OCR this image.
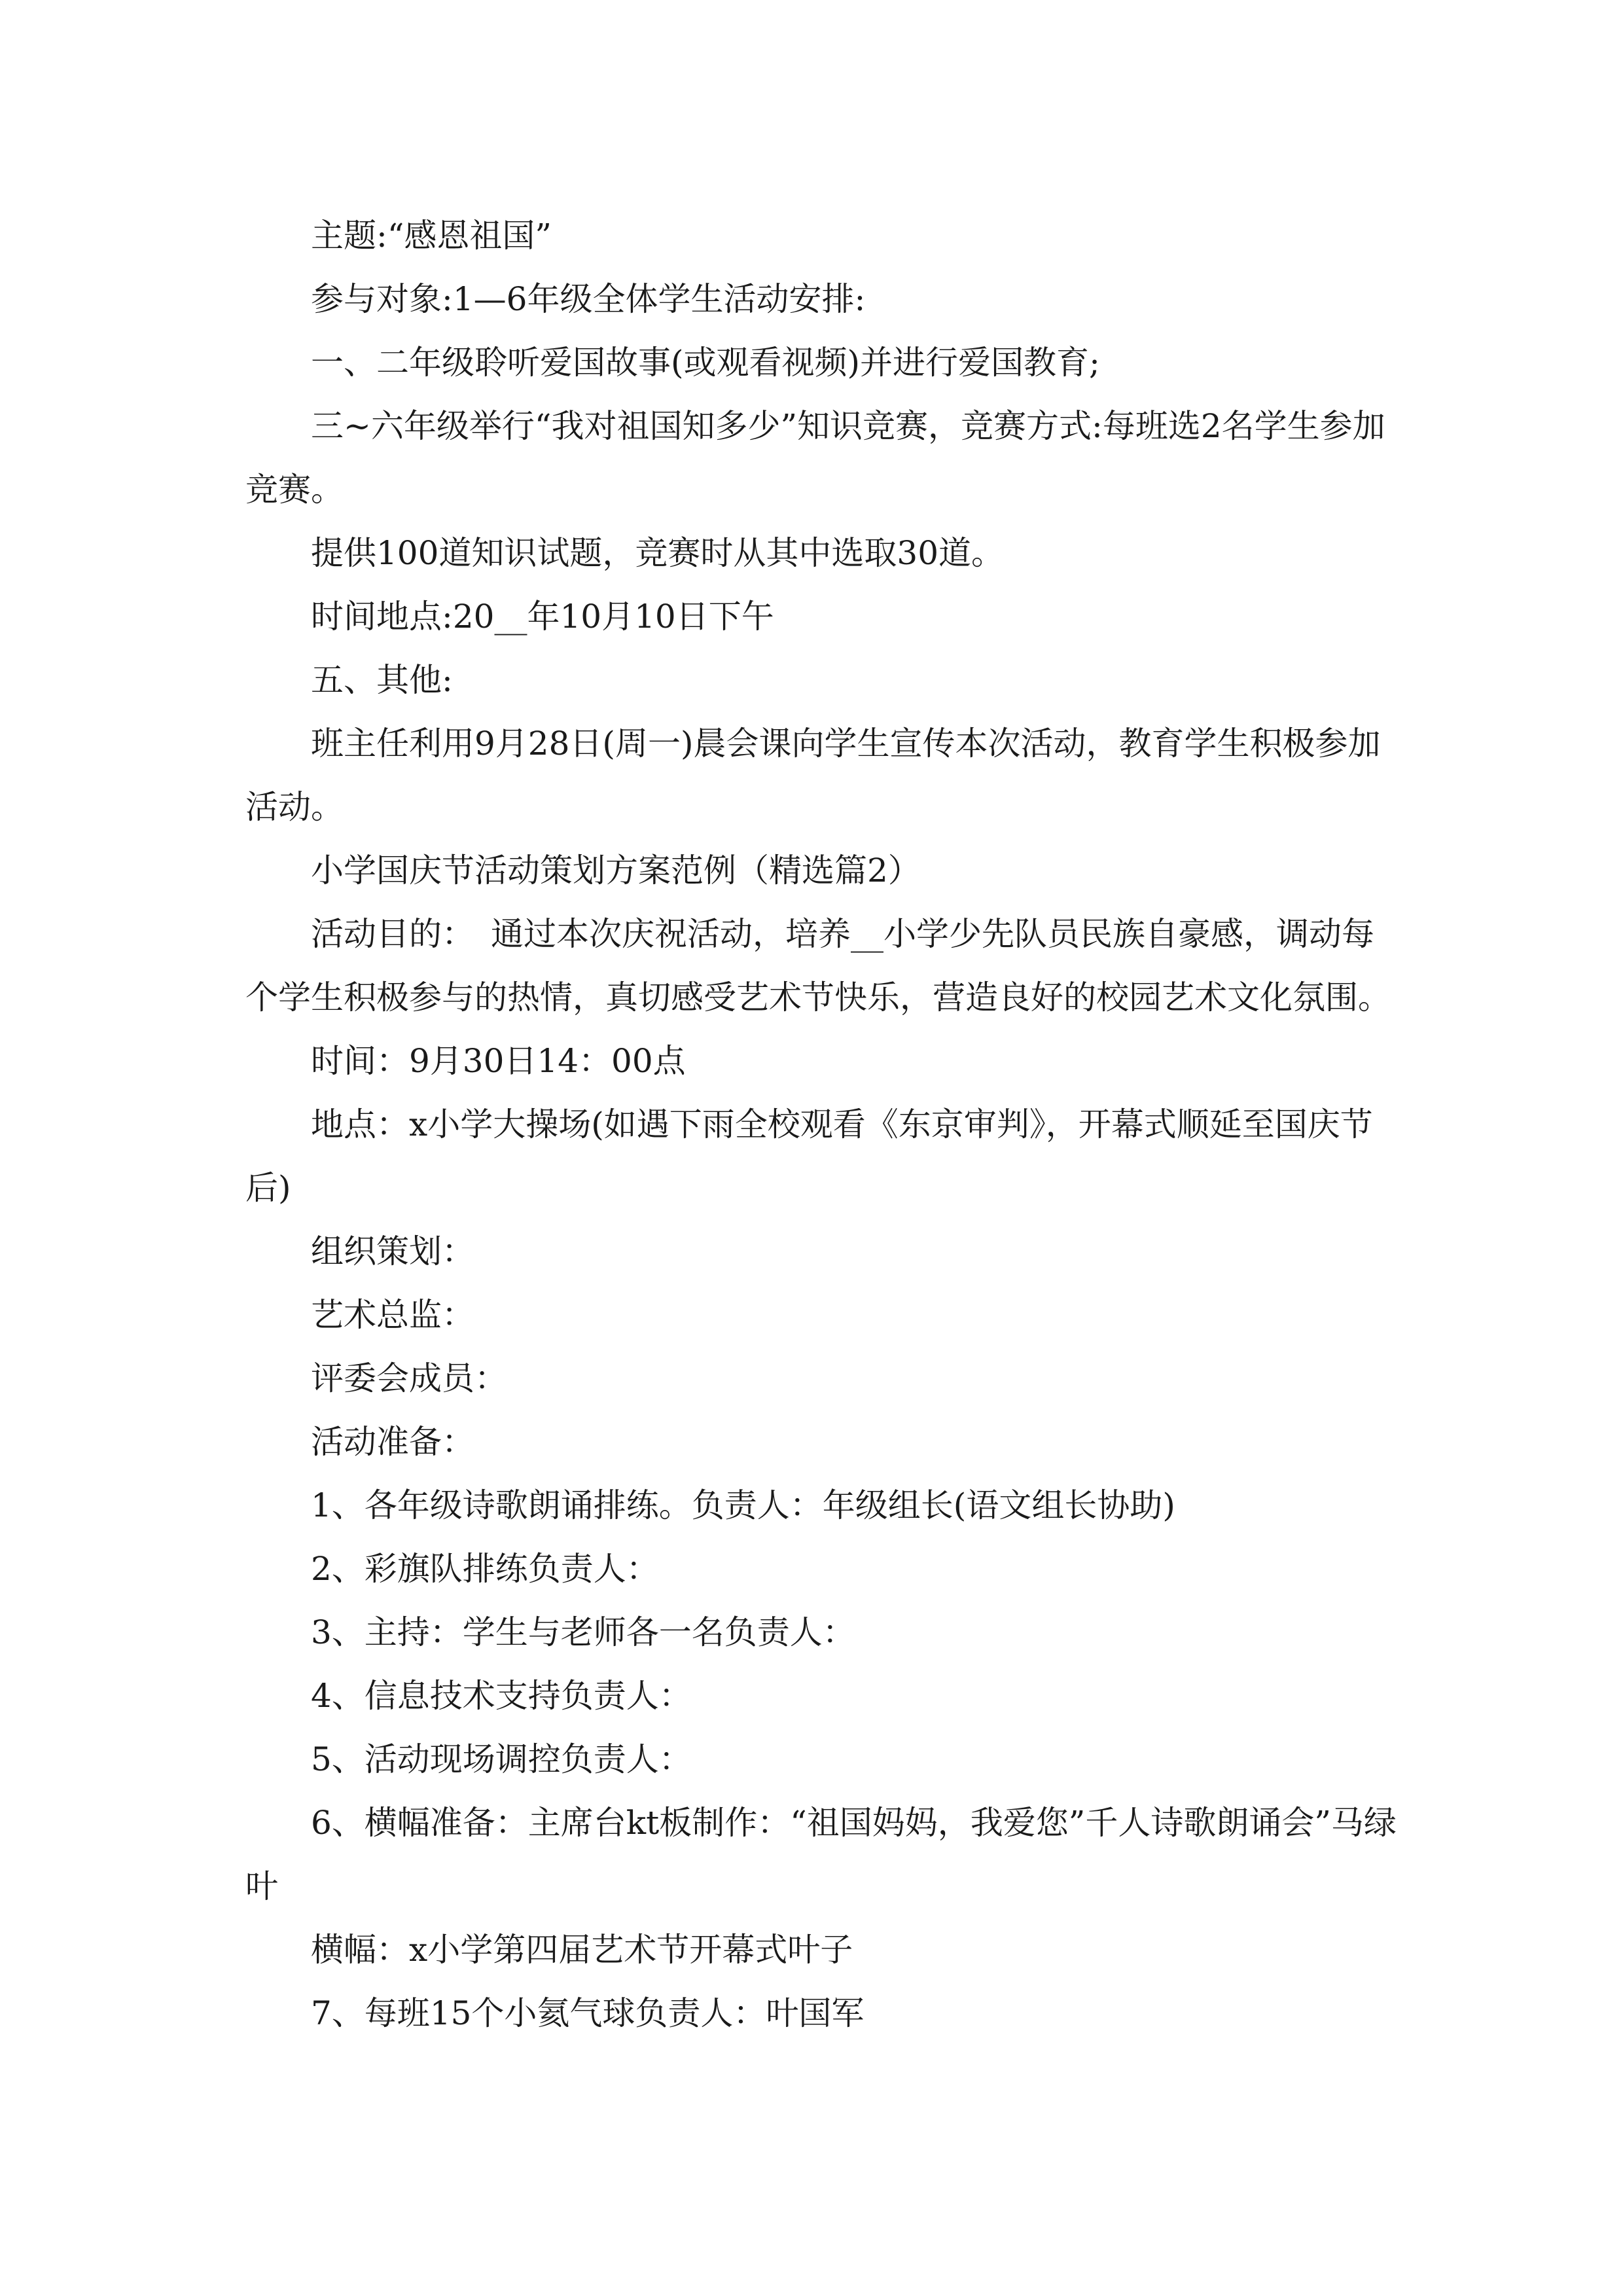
主题:“感恩祖国”

参与对象:1—6年级全体学生活动安排:

一、二年级聆听爱国故事(或观看视频)并进行爱国教育;

三~六年级举行“我对祖国知多少”知识竞赛，竞赛方式:每班选2名学生参加竞赛。

提供100道知识试题，竞赛时从其中选取30道。

时间地点:20__年10月10日下午

五、其他:

班主任利用9月28日(周一)晨会课向学生宣传本次活动，教育学生积极参加活动。

小学国庆节活动策划方案范例（精选篇2）

活动目的：　通过本次庆祝活动，培养__小学少先队员民族自豪感，调动每个学生积极参与的热情，真切感受艺术节快乐，营造良好的校园艺术文化氛围。

时间：9月30日14：00点

地点：x小学大操场(如遇下雨全校观看《东京审判》，开幕式顺延至国庆节后)

组织策划：

艺术总监：

评委会成员：

活动准备：

1、各年级诗歌朗诵排练。负责人：年级组长(语文组长协助)

2、彩旗队排练负责人：

3、主持：学生与老师各一名负责人：

4、信息技术支持负责人：

5、活动现场调控负责人：

6、横幅准备：主席台kt板制作：“祖国妈妈，我爱您”千人诗歌朗诵会”马绿叶

横幅：x小学第四届艺术节开幕式叶子

7、每班15个小氦气球负责人：叶国军
